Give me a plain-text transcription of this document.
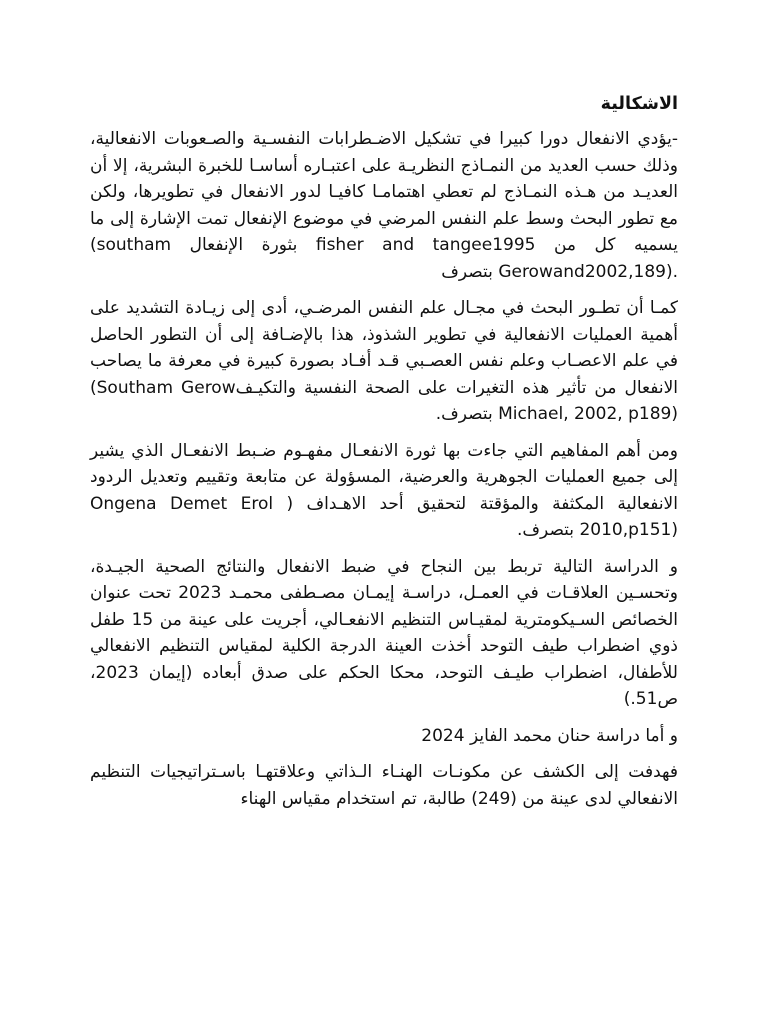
الاشكالية

-يؤدي الانفعال دورا كبيرا في تشكيل الاضـطرابات النفسـية والصـعوبات الانفعالية، وذلك حسب العديد من النمـاذج النظريـة على اعتبـاره أساسـا للخبرة البشرية، إلا أن العديـد من هـذه النمـاذج لم تعطي اهتمامـا كافيـا لدور الانفعال في تطويرها، ولكن مع تطور البحث وسط علم النفس المرضي في موضوع الإنفعال تمت الإشارة إلى ما يسميه كل من fisher and tangee1995 بثورة الإنفعال (southam Gerowand2002,189). بتصرف

كمـا أن تطـور البحث في مجـال علم النفس المرضـي، أدى إلى زيـادة التشديد على أهمية العمليات الانفعالية في تطوير الشذوذ، هذا بالإضـافة إلى أن التطور الحاصل في علم الاعصـاب وعلم نفس العصـبي قـد أفـاد بصورة كبيرة في معرفة ما يصاحب الانفعال من تأثير هذه التغيرات على الصحة النفسية والتكيـف(Southam Gerow Michael, 2002, p189) بتصرف.

ومن أهم المفاهيم التي جاءت بها ثورة الانفعـال مفهـوم ضـبط الانفعـال الذي يشير إلى جميع العمليات الجوهرية والعرضية، المسؤولة عن متابعة وتقييم وتعديل الردود الانفعالية المكثفة والمؤقتة لتحقيق أحد الاهـداف ( Ongena Demet Erol 2010,p151) بتصرف.

و الدراسة التالية تربط بين النجاح في ضبط الانفعال والنتائج الصحية الجيـدة، وتحسـين العلاقـات في العمـل، دراسـة إيمـان مصـطفى محمـد 2023 تحت عنوان الخصائص السـيكومترية لمقيـاس التنظيم الانفعـالي، أجريت على عينة من 15 طفل ذوي اضطراب طيف التوحد أخذت العينة الدرجة الكلية لمقياس التنظيم الانفعالي للأطفال، اضطراب طيـف التوحد، محكا الحكم على صدق أبعاده (إيمان 2023، ص51.)

و أما دراسة حنان محمد الفايز 2024

فهدفت إلى الكشف عن مكونـات الهنـاء الـذاتي وعلاقتهـا باسـتراتيجيات التنظيم الانفعالي لدى عينة من (249) طالبة، تم استخدام مقياس الهناء
